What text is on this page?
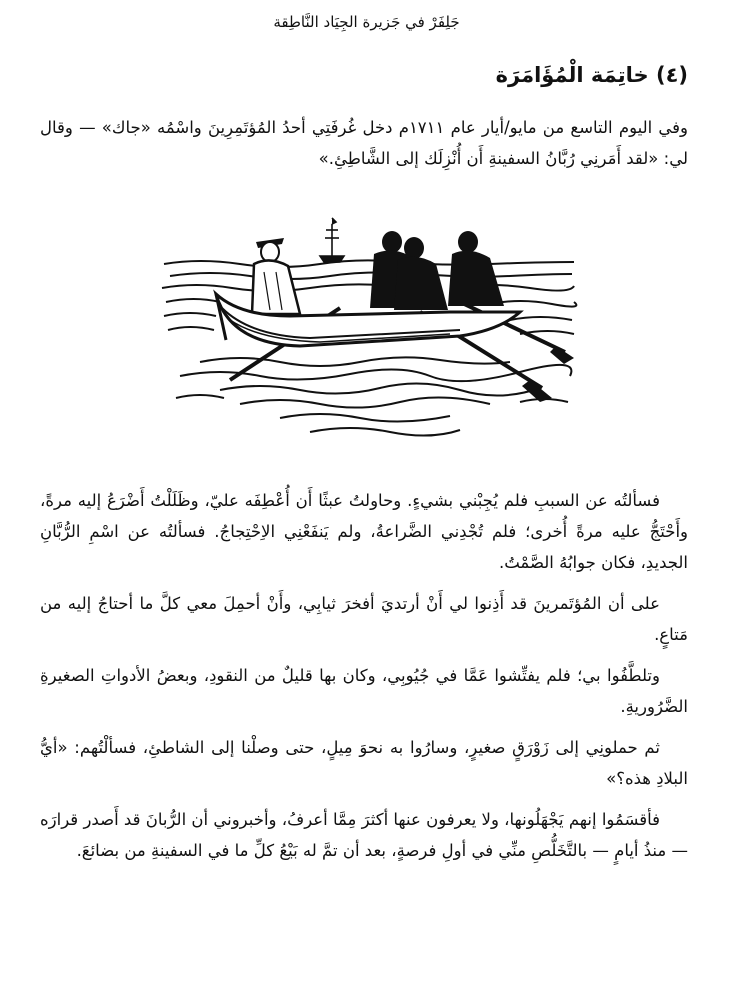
جَلِفَرْ في جَزيرة الجِيَاد النَّاطِقة
(٤) خاتِمَة الْمُؤَامَرَة

وفي اليوم التاسع من مايو/أيار عام ١٧١١م دخل غُرفَتِي أحدُ المُؤتَمِرِينَ واسْمُه «جاك» — وقال لي: «لقد أَمَرنِي رُبَّانُ السفينةِ أَن أُنْزِلَك إلى الشَّاطِئِ.»

فسألتُه عن السببِ فلم يُجِبْني بشيءٍ. وحاولتُ عبثًا أَن أُعْطِفَه عليّ، وظَلَلْتُ أَضْرَعُ إليه مرةً، وأَحْتَجُّ عليه مرةً أُخرى؛ فلم تُجْدِني الضَّراعةُ، ولم يَنفَعْنِي الاِحْتِجاجُ. فسألتُه عن اسْمِ الرُّبَّانِ الجديدِ، فكان جوابُهُ الصَّمْتُ.

على أن المُؤتَمرينَ قد أَذِنوا لي أَنْ أرتديَ أفخرَ ثيابِي، وأَنْ أحمِلَ معي كلَّ ما أحتاجُ إليه من مَتاعٍ.

وتلطَّفُوا بي؛ فلم يفتِّشوا عَمَّا في جُيُوبِي، وكان بها قليلٌ من النقودِ، وبعضُ الأدواتِ الصغيرةِ الضَّرُوريةِ.

ثم حملونِي إلى زَوْرَقٍ صغيرٍ، وسارُوا به نحوَ مِيلٍ، حتى وصلْنا إلى الشاطئِ، فسألْتُهم: «أيُّ البلادِ هذه؟»

فأقسَمُوا إنهم يَجْهَلُونها، ولا يعرفون عنها أكثرَ مِمَّا أعرفُ، وأخبروني أن الرُّبانَ قد أَصدر قرارَه — منذُ أيامٍ — بالتَّخَلُّصِ منِّي في أولِ فرصةٍ، بعد أن تمَّ له بَيْعُ كلِّ ما في السفينةِ من بضائعَ.
